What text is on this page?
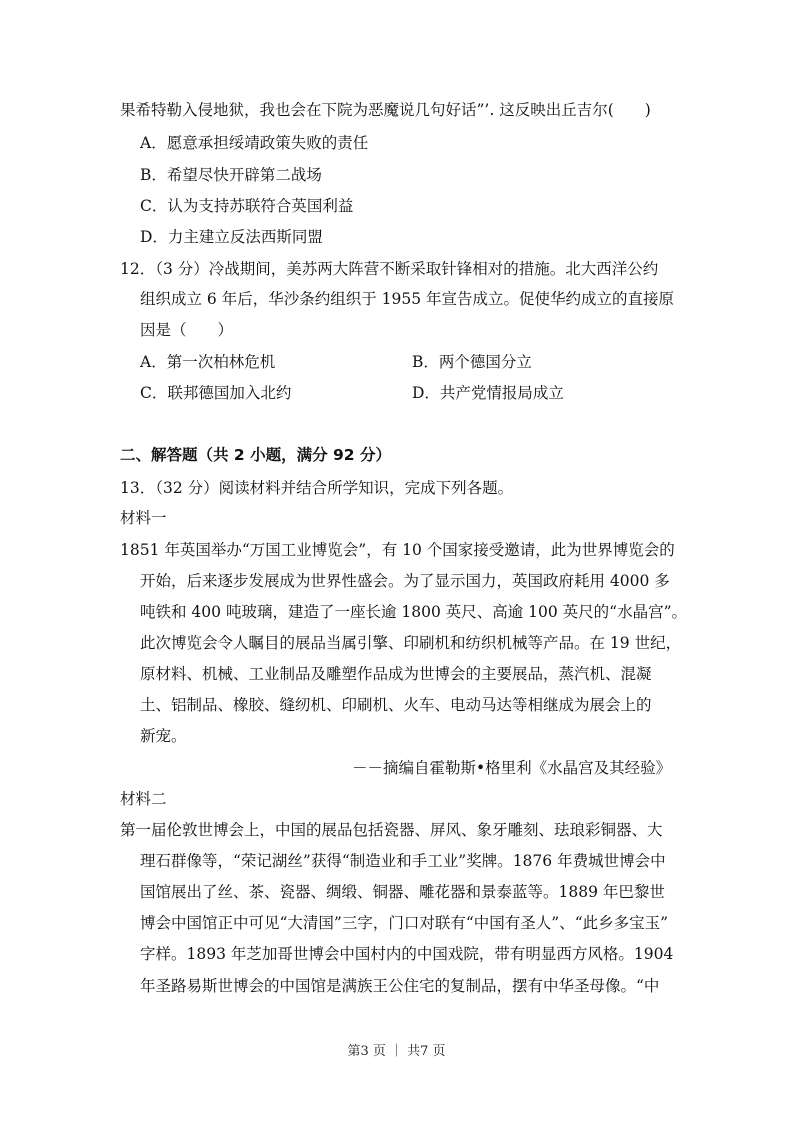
果希特勒入侵地狱，我也会在下院为恶魔说几句好话”’. 这反映出丘吉尔(　　)
A．愿意承担绥靖政策失败的责任
B．希望尽快开辟第二战场
C．认为支持苏联符合英国利益
D．力主建立反法西斯同盟
12．（3 分）冷战期间，美苏两大阵营不断采取针锋相对的措施。北大西洋公约
组织成立 6 年后，华沙条约组织于 1955 年宣告成立。促使华约成立的直接原
因是（　　）
A．第一次柏林危机	B．两个德国分立
C．联邦德国加入北约	D．共产党情报局成立
二、解答题（共 2 小题，满分 92 分）
13．（32 分）阅读材料并结合所学知识，完成下列各题。
材料一
1851 年英国举办“万国工业博览会”，有 10 个国家接受邀请，此为世界博览会的
开始，后来逐步发展成为世界性盛会。为了显示国力，英国政府耗用 4000 多
吨铁和 400 吨玻璃，建造了一座长逾 1800 英尺、高逾 100 英尺的“水晶宫”。
此次博览会令人瞩目的展品当属引擎、印刷机和纺织机械等产品。在 19 世纪，
原材料、机械、工业制品及雕塑作品成为世博会的主要展品，蒸汽机、混凝
土、铝制品、橡胶、缝纫机、印刷机、火车、电动马达等相继成为展会上的
新宠。
－－摘编自霍勒斯•格里利《水晶宫及其经验》
材料二
第一届伦敦世博会上，中国的展品包括瓷器、屏风、象牙雕刻、珐琅彩铜器、大
理石群像等，“荣记湖丝”获得“制造业和手工业”奖牌。1876 年费城世博会中
国馆展出了丝、茶、瓷器、绸缎、铜器、雕花器和景泰蓝等。1889 年巴黎世
博会中国馆正中可见“大清国”三字，门口对联有“中国有圣人”、“此乡多宝玉”
字样。1893 年芝加哥世博会中国村内的中国戏院，带有明显西方风格。1904
年圣路易斯世博会的中国馆是满族王公住宅的复制品，摆有中华圣母像。“中
第3 页 ｜ 共7 页
